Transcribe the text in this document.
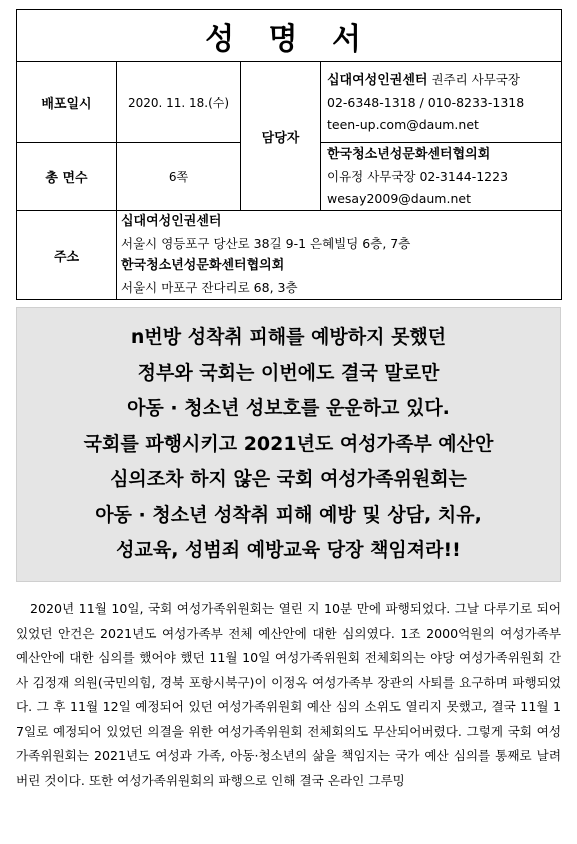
성 명 서			
배포일시	2020. 11. 18.(수)	담당자	십대여성인권센터 권주리 사무국장
02-6348-1318 / 010-8233-1318
teen-up.com@daum.net

총 면수	6쪽		한국청소년성문화센터협의회
이유정 사무국장 02-3144-1223
wesay2009@daum.net

주소	십대여성인권센터
서울시 영등포구 당산로 38길 9-1 은혜빌딩 6층, 7층
한국청소년성문화센터협의회
서울시 마포구 잔다리로 68, 3층		

n번방 성착취 피해를 예방하지 못했던

정부와 국회는 이번에도 결국 말로만

아동 · 청소년 성보호를 운운하고 있다.

국회를 파행시키고 2021년도 여성가족부 예산안

심의조차 하지 않은 국회 여성가족위원회는

아동 · 청소년 성착취 피해 예방 및 상담, 치유,

성교육, 성범죄 예방교육 당장 책임져라!!

2020년 11월 10일, 국회 여성가족위원회는 열린 지 10분 만에 파행되었다. 그날 다루기로 되어있었던 안건은 2021년도 여성가족부 전체 예산안에 대한 심의였다. 1조 2000억원의 여성가족부 예산안에 대한 심의를 했어야 했던 11월 10일 여성가족위원회 전체회의는 야당 여성가족위원회 간사 김정재 의원(국민의힘, 경북 포항시북구)이 이정옥 여성가족부 장관의 사퇴를 요구하며 파행되었다. 그 후 11월 12일 예정되어 있던 여성가족위원회 예산 심의 소위도 열리지 못했고, 결국 11월 17일로 예정되어 있었던 의결을 위한 여성가족위원회 전체회의도 무산되어버렸다. 그렇게 국회 여성가족위원회는 2021년도 여성과 가족, 아동·청소년의 삶을 책임지는 국가 예산 심의를 통째로 날려버린 것이다. 또한 여성가족위원회의 파행으로 인해 결국 온라인 그루밍
